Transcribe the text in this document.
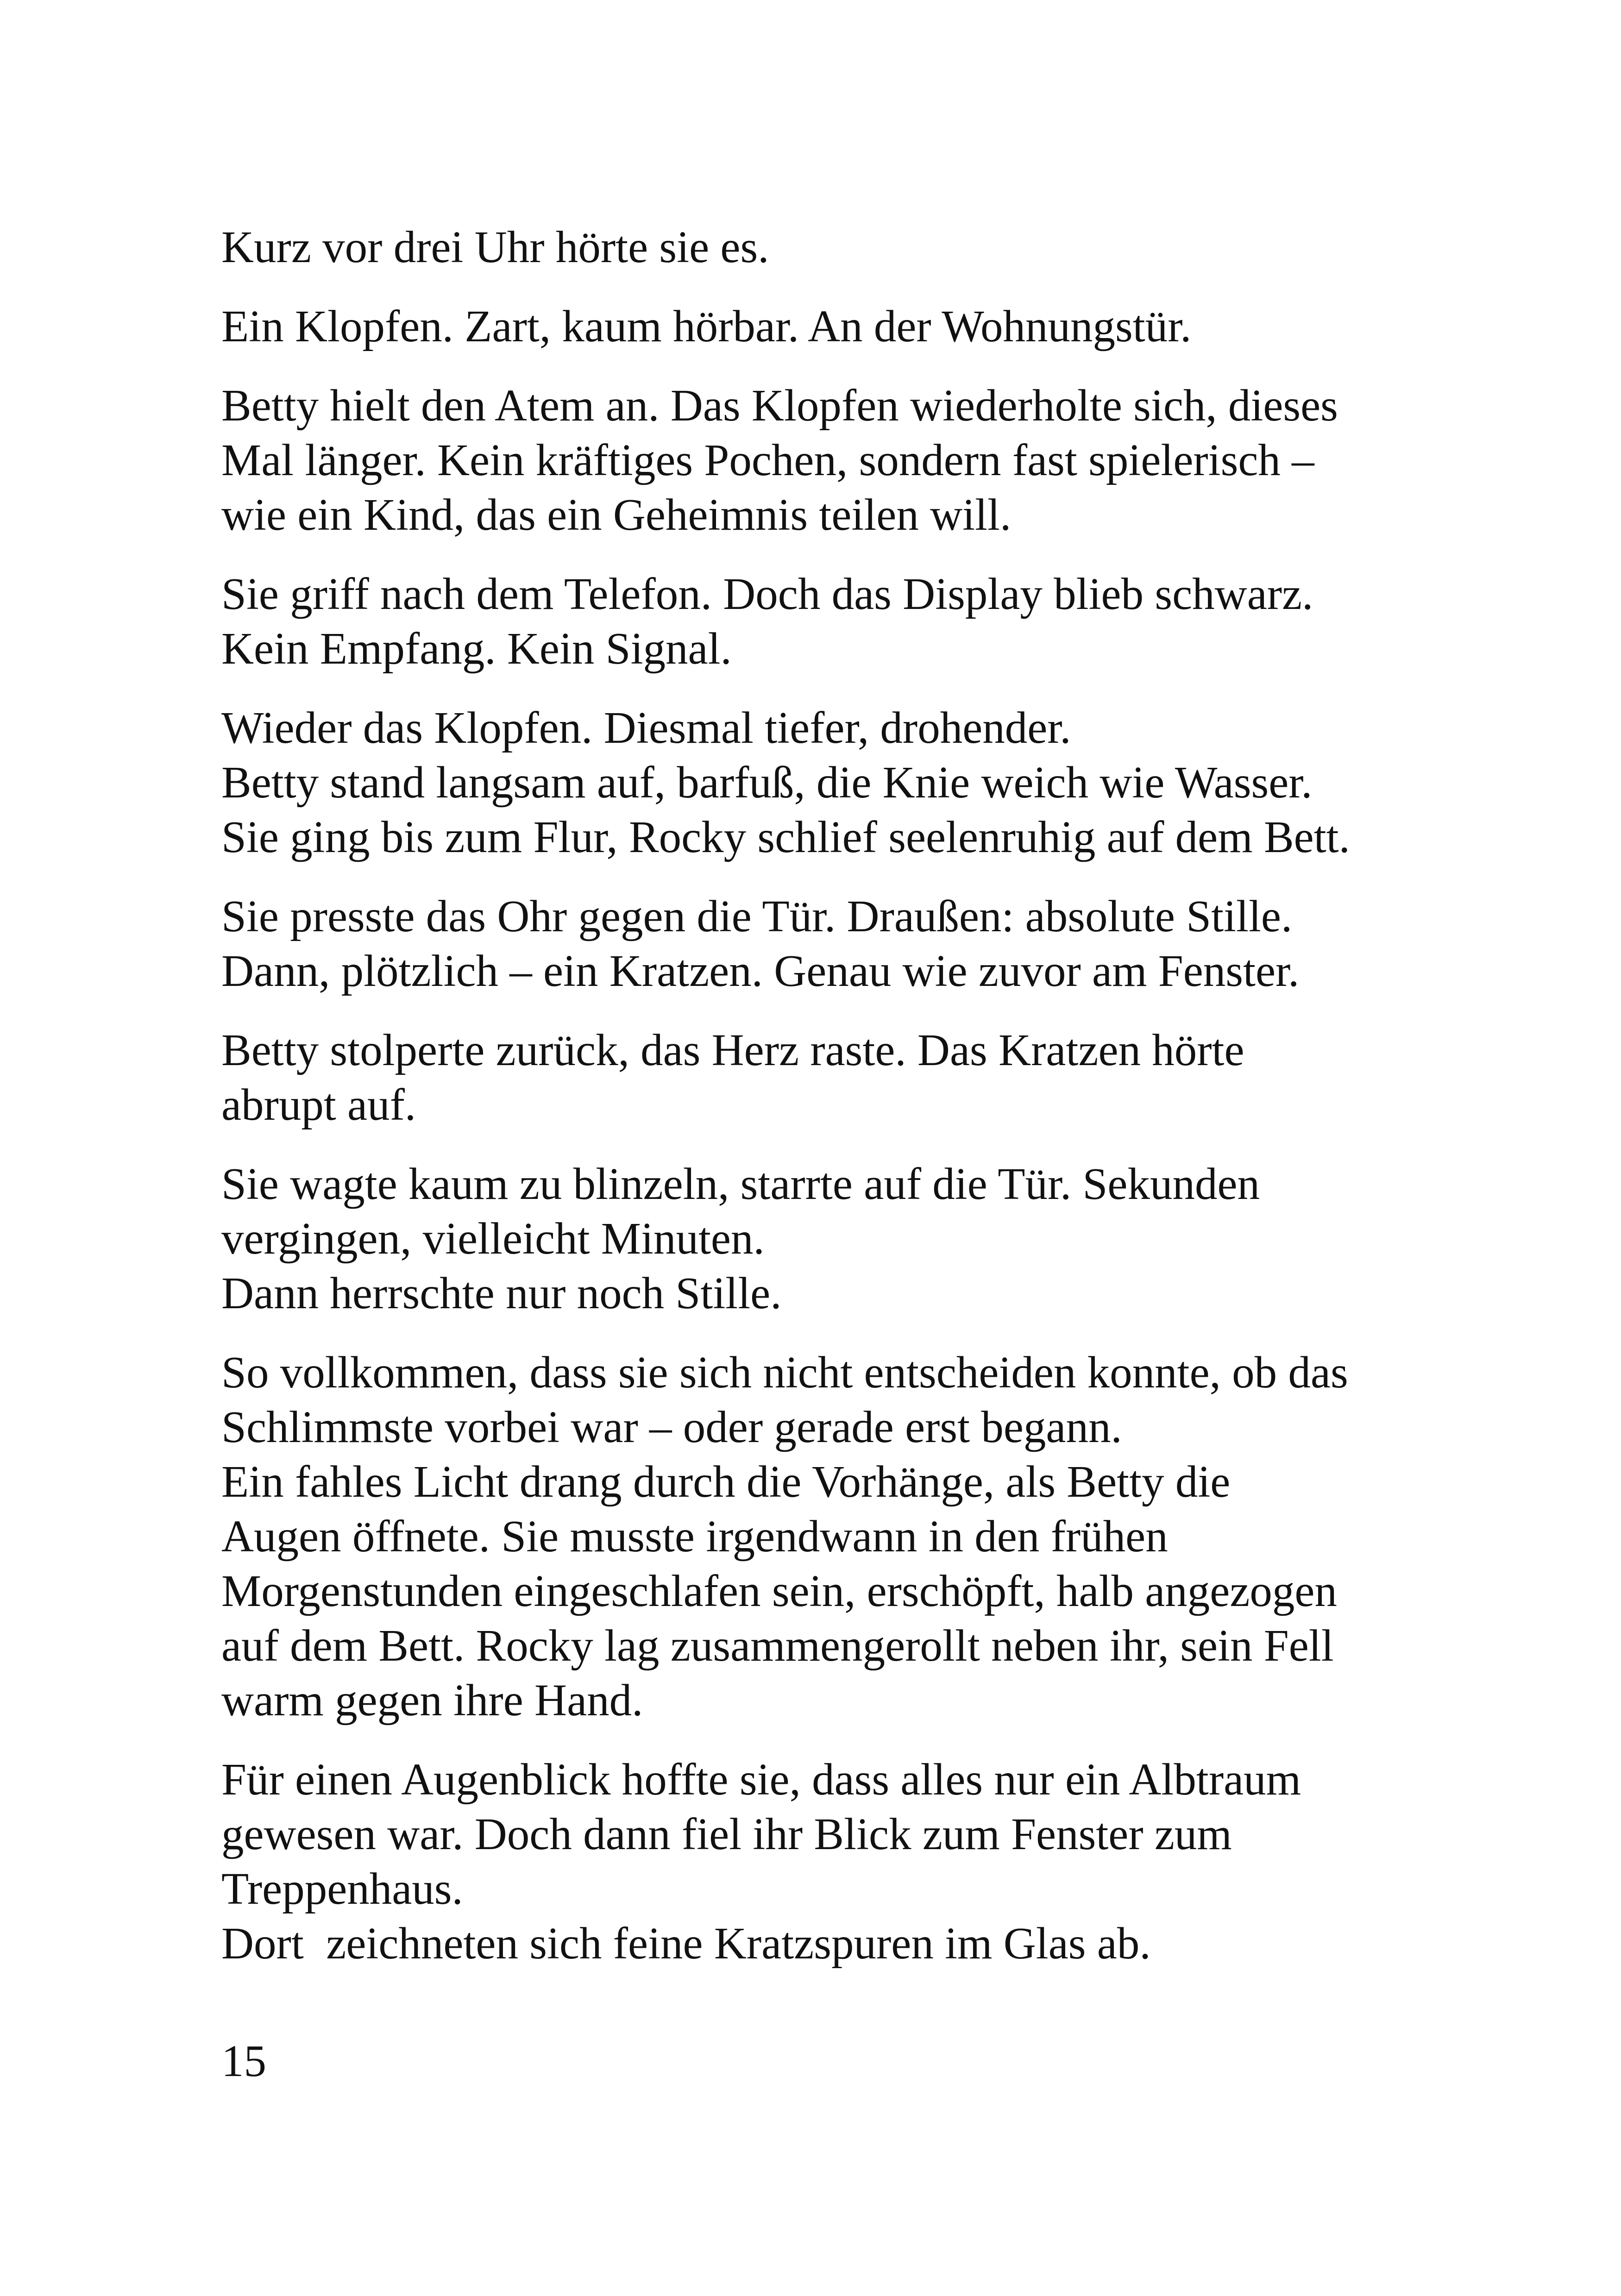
Kurz vor drei Uhr hörte sie es.

Ein Klopfen. Zart, kaum hörbar. An der Wohnungstür.

Betty hielt den Atem an. Das Klopfen wiederholte sich, dieses
Mal länger. Kein kräftiges Pochen, sondern fast spielerisch –
wie ein Kind, das ein Geheimnis teilen will.

Sie griff nach dem Telefon. Doch das Display blieb schwarz.
Kein Empfang. Kein Signal.

Wieder das Klopfen. Diesmal tiefer, drohender.
Betty stand langsam auf, barfuß, die Knie weich wie Wasser.
Sie ging bis zum Flur, Rocky schlief seelenruhig auf dem Bett.

Sie presste das Ohr gegen die Tür. Draußen: absolute Stille.
Dann, plötzlich – ein Kratzen. Genau wie zuvor am Fenster.

Betty stolperte zurück, das Herz raste. Das Kratzen hörte
abrupt auf.

Sie wagte kaum zu blinzeln, starrte auf die Tür. Sekunden
vergingen, vielleicht Minuten.
Dann herrschte nur noch Stille.

So vollkommen, dass sie sich nicht entscheiden konnte, ob das
Schlimmste vorbei war – oder gerade erst begann.
Ein fahles Licht drang durch die Vorhänge, als Betty die
Augen öffnete. Sie musste irgendwann in den frühen
Morgenstunden eingeschlafen sein, erschöpft, halb angezogen
auf dem Bett. Rocky lag zusammengerollt neben ihr, sein Fell
warm gegen ihre Hand.

Für einen Augenblick hoffte sie, dass alles nur ein Albtraum
gewesen war. Doch dann fiel ihr Blick zum Fenster zum
Treppenhaus.
Dort  zeichneten sich feine Kratzspuren im Glas ab.

15
